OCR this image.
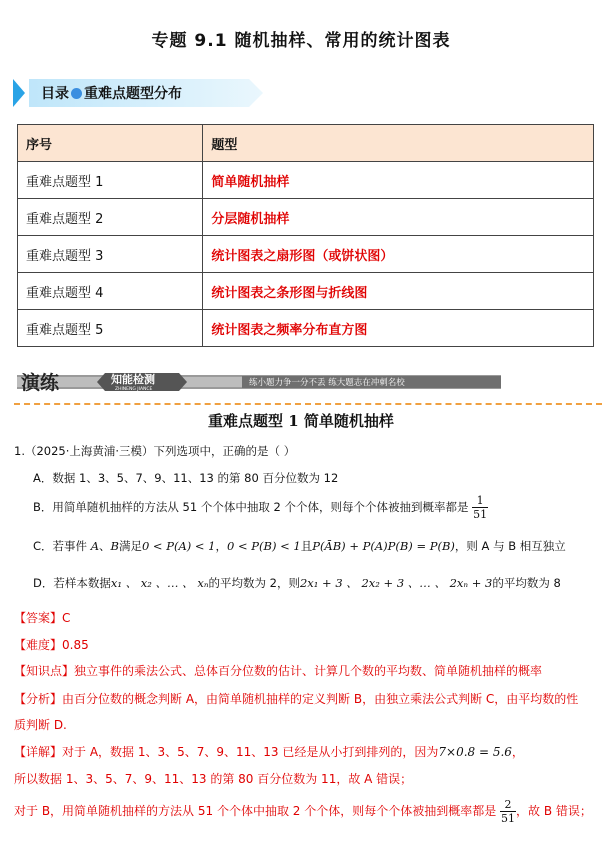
专题 9.1 随机抽样、常用的统计图表
目录 重难点题型分布
序号	题型
重难点题型 1	简单随机抽样
重难点题型 2	分层随机抽样
重难点题型 3	统计图表之扇形图（或饼状图）
重难点题型 4	统计图表之条形图与折线图
重难点题型 5	统计图表之频率分布直方图
演练	知能检测
ZHINENG JIANCE
练小题力争一分不丢 练大题志在冲刺名校
重难点题型 1 简单随机抽样
1.（2025·上海黄浦·三模）下列选项中，正确的是（ ）
A．数据 1、3、5、7、9、11、13 的第 80 百分位数为 12
B．用简单随机抽样的方法从 51 个个体中抽取 2 个个体，则每个个体被抽到概率都是 $\frac{1}{51}$
C．若事件 A、B满足0 < P(A) < 1，0 < P(B) < 1且P(ĀB) + P(A)P(B) = P(B)，则 A 与 B 相互独立
D．若样本数据x₁ 、 x₂ 、… 、 xₙ的平均数为 2，则2x₁ + 3 、 2x₂ + 3 、… 、 2xₙ + 3的平均数为 8
【答案】C
【难度】0.85
【知识点】独立事件的乘法公式、总体百分位数的估计、计算几个数的平均数、简单随机抽样的概率
【分析】由百分位数的概念判断 A，由简单随机抽样的定义判断 B，由独立乘法公式判断 C，由平均数的性
质判断 D.
【详解】对于 A，数据 1、3、5、7、9、11、13 已经是从小打到排列的，因为7×0.8 = 5.6，
所以数据 1、3、5、7、9、11、13 的第 80 百分位数为 11，故 A 错误；
对于 B，用简单随机抽样的方法从 51 个个体中抽取 2 个个体，则每个个体被抽到概率都是 $\frac{2}{51}$ ，故 B 错误；
